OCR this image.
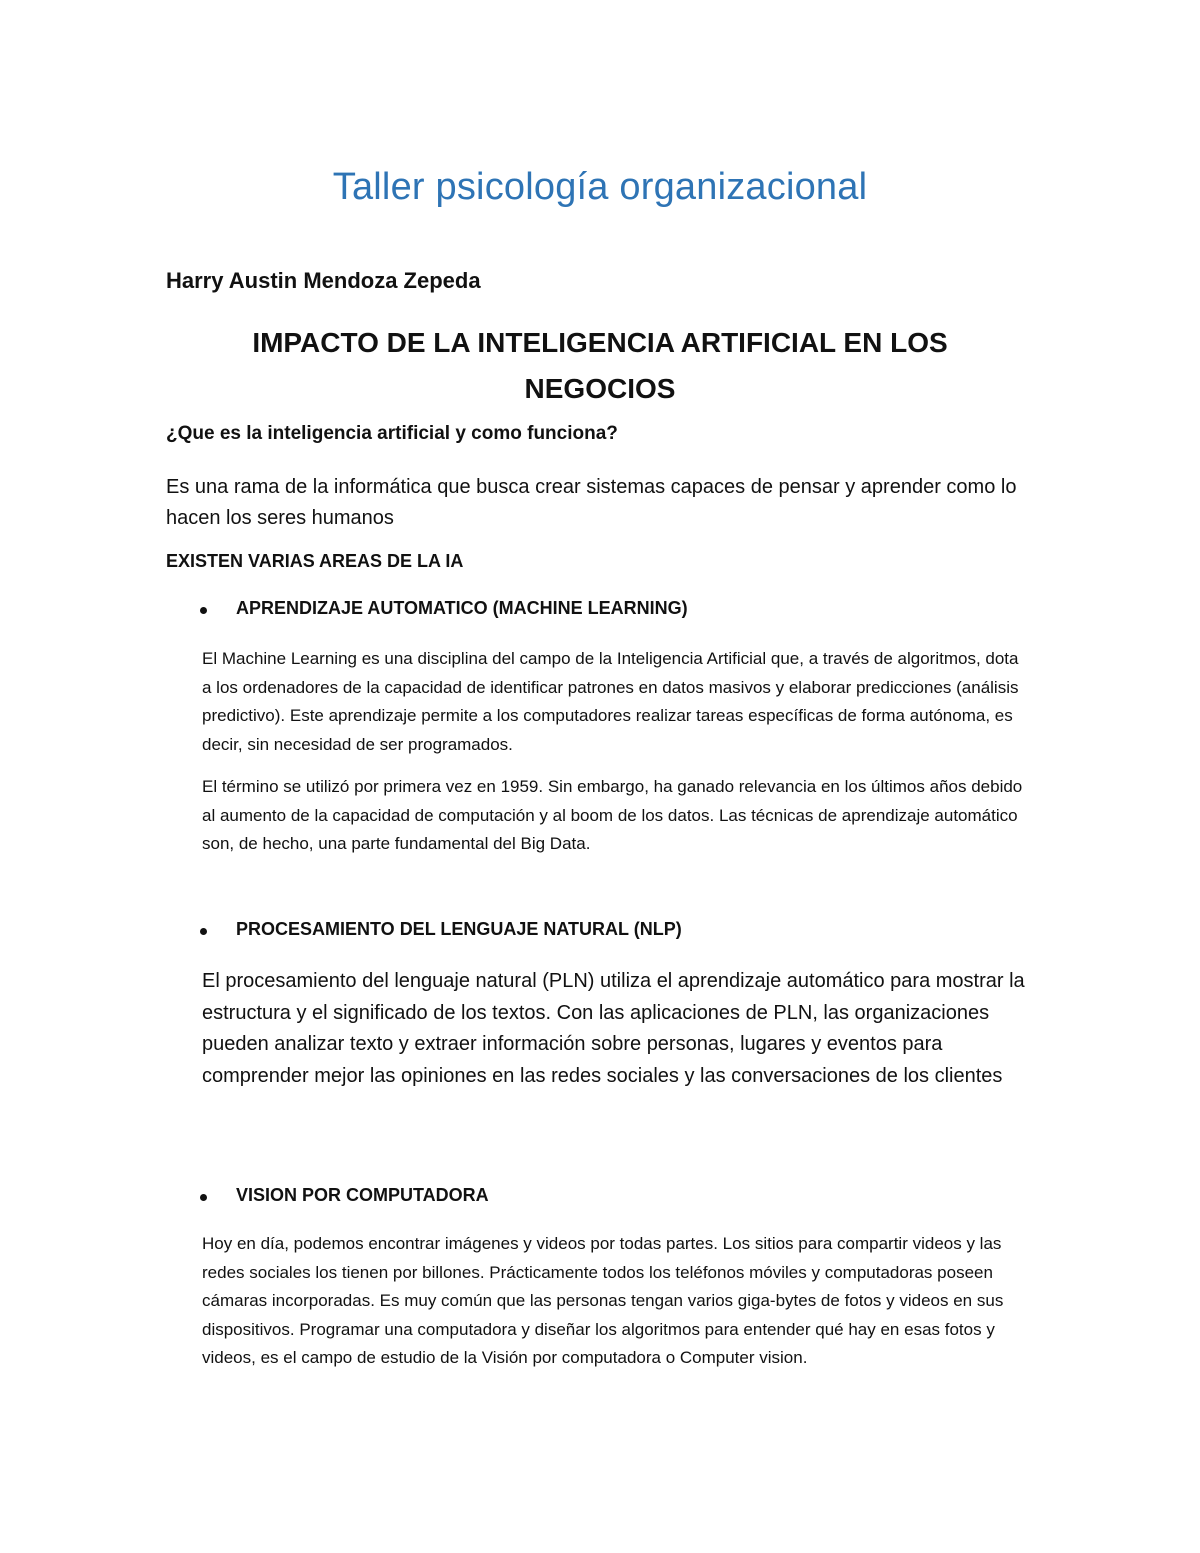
Taller psicología organizacional

Harry Austin Mendoza Zepeda

IMPACTO DE LA INTELIGENCIA ARTIFICIAL EN LOS
NEGOCIOS

¿Que es la inteligencia artificial y como funciona?

Es una rama de la informática que busca crear sistemas capaces de pensar y aprender como lo hacen los seres humanos

EXISTEN VARIAS AREAS DE LA IA

APRENDIZAJE AUTOMATICO (MACHINE LEARNING)

El Machine Learning es una disciplina del campo de la Inteligencia Artificial que, a través de algoritmos, dota a los ordenadores de la capacidad de identificar patrones en datos masivos y elaborar predicciones (análisis predictivo). Este aprendizaje permite a los computadores realizar tareas específicas de forma autónoma, es decir, sin necesidad de ser programados.

El término se utilizó por primera vez en 1959. Sin embargo, ha ganado relevancia en los últimos años debido al aumento de la capacidad de computación y al boom de los datos. Las técnicas de aprendizaje automático son, de hecho, una parte fundamental del Big Data.

PROCESAMIENTO DEL LENGUAJE NATURAL (NLP)

El procesamiento del lenguaje natural (PLN) utiliza el aprendizaje automático para mostrar la estructura y el significado de los textos. Con las aplicaciones de PLN, las organizaciones pueden analizar texto y extraer información sobre personas, lugares y eventos para comprender mejor las opiniones en las redes sociales y las conversaciones de los clientes

VISION POR COMPUTADORA

Hoy en día, podemos encontrar imágenes y videos por todas partes. Los sitios para compartir videos y las redes sociales los tienen por billones. Prácticamente todos los teléfonos móviles y computadoras poseen cámaras incorporadas. Es muy común que las personas tengan varios giga-bytes de fotos y videos en sus dispositivos. Programar una computadora y diseñar los algoritmos para entender qué hay en esas fotos y videos, es el campo de estudio de la Visión por computadora o Computer vision.
